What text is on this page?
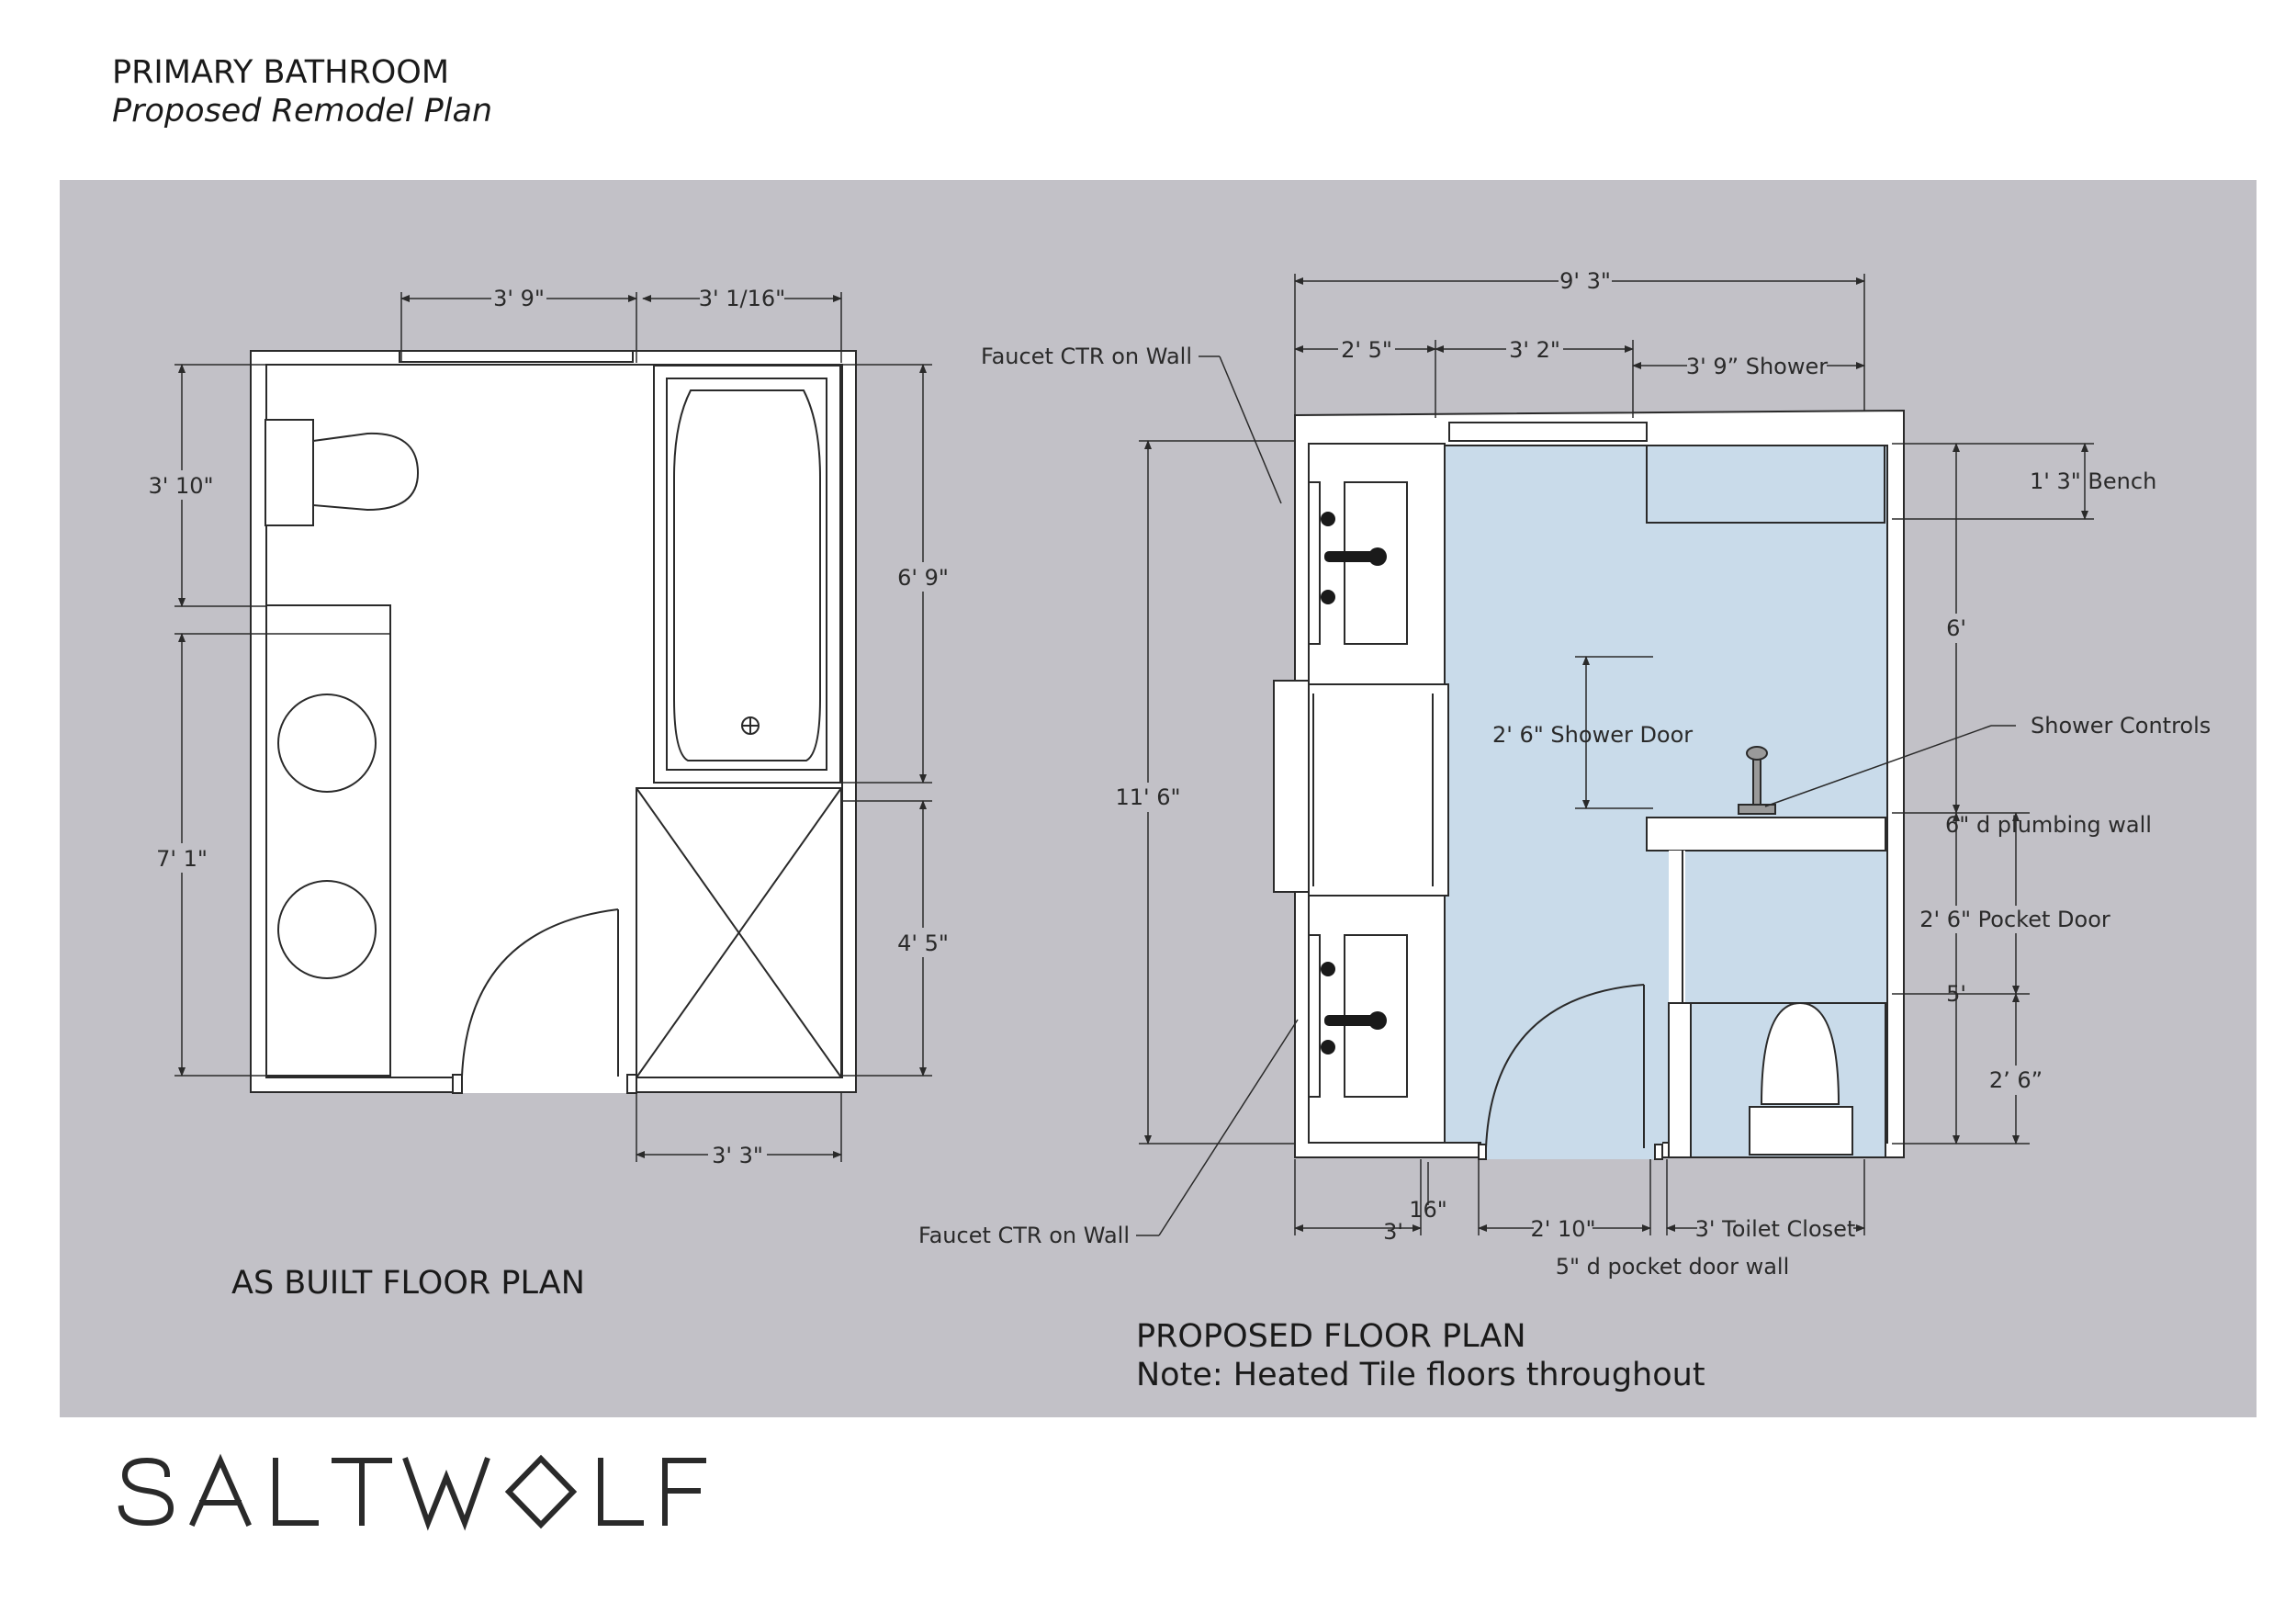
PRIMARY BATHROOM
Proposed Remodel Plan
3' 9"	3' 1/16"
3' 10"
7' 1"
6' 9"
4' 5"
3' 3"
9' 3"
2' 5"	3' 2"
3' 9” Shower
11' 6"
1' 3" Bench
6'
2' 6" Shower Door	Shower Controls
6" d plumbing wall
2' 6" Pocket Door
5'
2’ 6”
3'
16"
2' 10"	3' Toilet Closet
5" d pocket door wall
Faucet CTR on Wall
Faucet CTR on Wall
AS BUILT FLOOR PLAN
PROPOSED FLOOR PLAN
Note: Heated Tile floors throughout
